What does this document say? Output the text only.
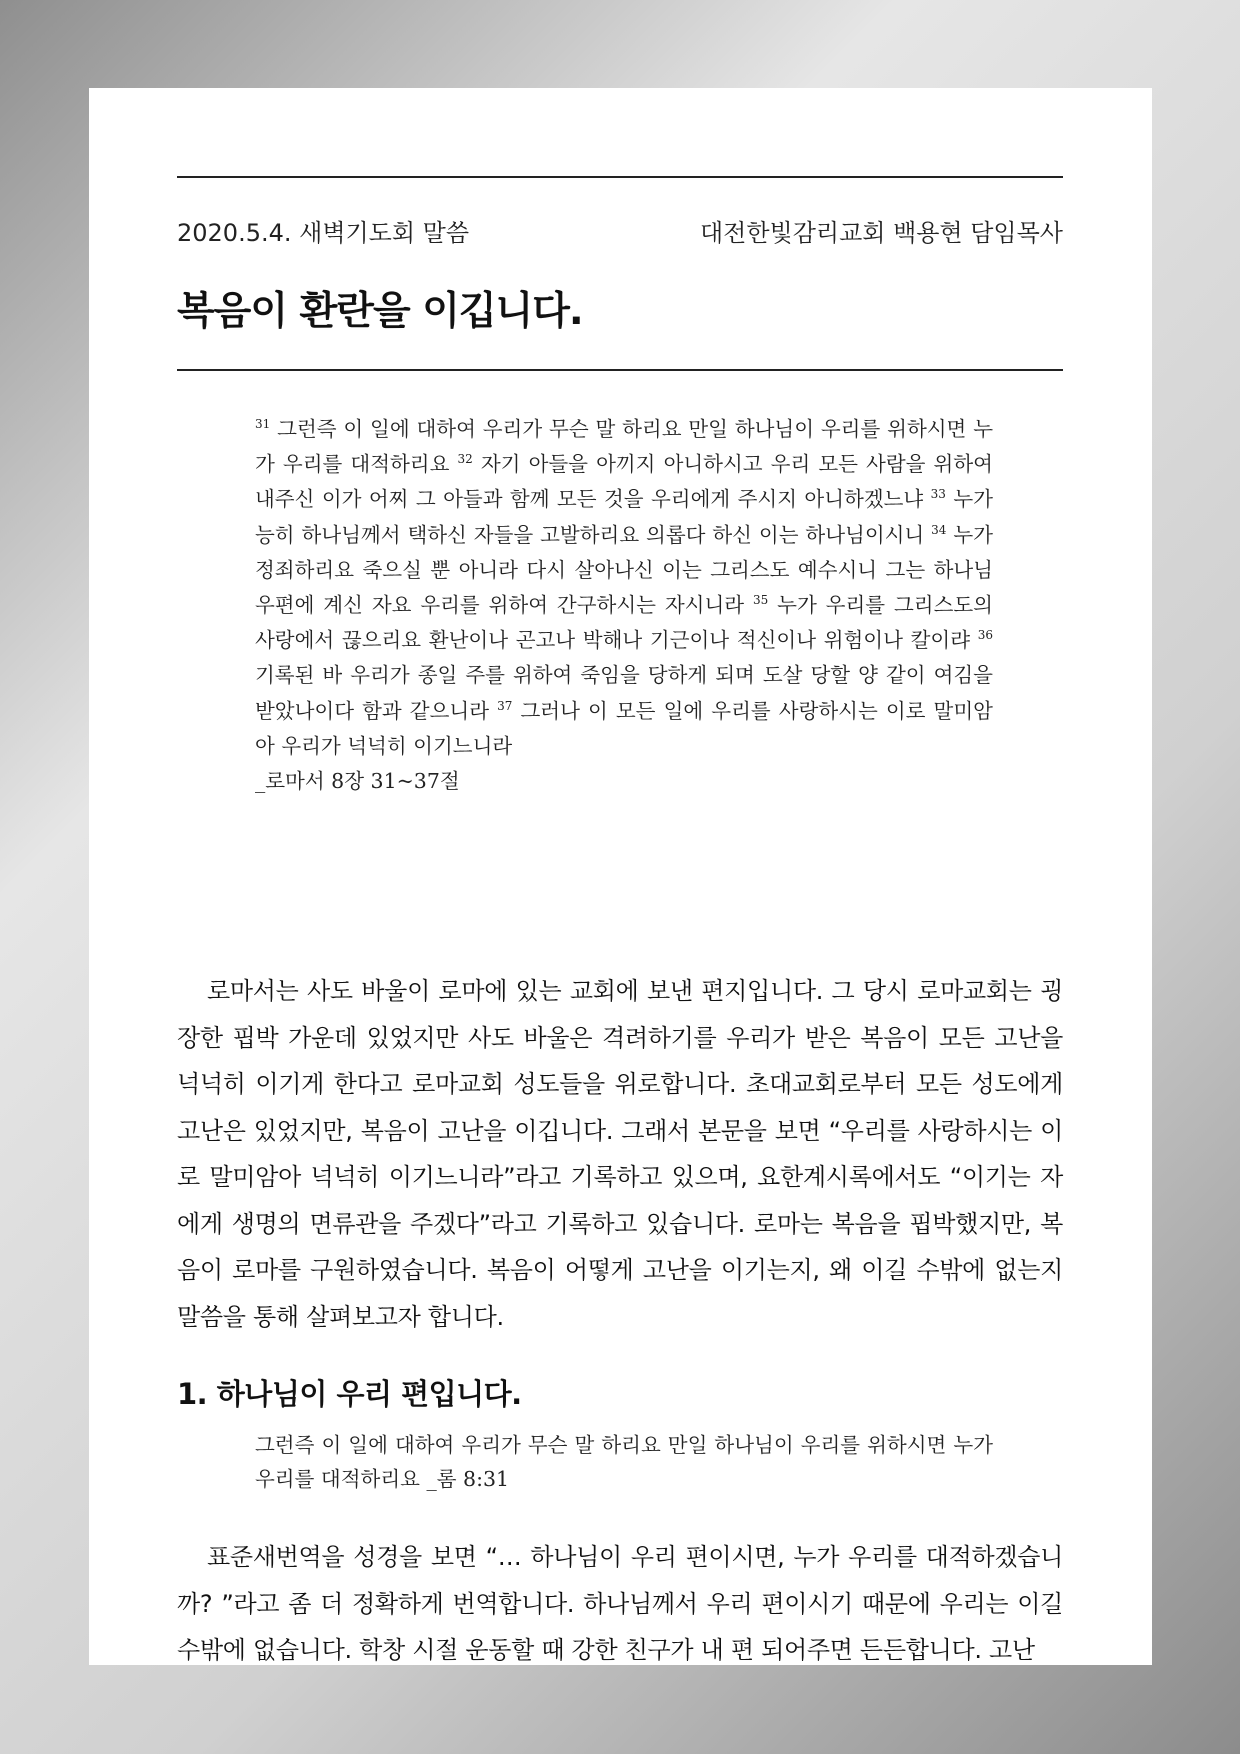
2020.5.4. 새벽기도회 말씀	대전한빛감리교회 백용현 담임목사
복음이 환란을 이깁니다.

$^{31}$ 그런즉 이 일에 대하여 우리가 무슨 말 하리요 만일 하나님이 우리를 위하시면 누가 우리를 대적하리요 $^{32}$ 자기 아들을 아끼지 아니하시고 우리 모든 사람을 위하여 내주신 이가 어찌 그 아들과 함께 모든 것을 우리에게 주시지 아니하겠느냐 $^{33}$ 누가 능히 하나님께서 택하신 자들을 고발하리요 의롭다 하신 이는 하나님이시니 $^{34}$ 누가 정죄하리요 죽으실 뿐 아니라 다시 살아나신 이는 그리스도 예수시니 그는 하나님 우편에 계신 자요 우리를 위하여 간구하시는 자시니라 $^{35}$ 누가 우리를 그리스도의 사랑에서 끊으리요 환난이나 곤고나 박해나 기근이나 적신이나 위험이나 칼이랴 $^{36}$ 기록된 바 우리가 종일 주를 위하여 죽임을 당하게 되며 도살 당할 양 같이 여김을 받았나이다 함과 같으니라 $^{37}$ 그러나 이 모든 일에 우리를 사랑하시는 이로 말미암아 우리가 넉넉히 이기느니라
_로마서 8장 31~37절

로마서는 사도 바울이 로마에 있는 교회에 보낸 편지입니다. 그 당시 로마교회는 굉장한 핍박 가운데 있었지만 사도 바울은 격려하기를 우리가 받은 복음이 모든 고난을 넉넉히 이기게 한다고 로마교회 성도들을 위로합니다. 초대교회로부터 모든 성도에게 고난은 있었지만, 복음이 고난을 이깁니다. 그래서 본문을 보면 “우리를 사랑하시는 이로 말미암아 넉넉히 이기느니라”라고 기록하고 있으며, 요한계시록에서도 “이기는 자에게 생명의 면류관을 주겠다”라고 기록하고 있습니다. 로마는 복음을 핍박했지만, 복음이 로마를 구원하였습니다. 복음이 어떻게 고난을 이기는지, 왜 이길 수밖에 없는지 말씀을 통해 살펴보고자 합니다.

1. 하나님이 우리 편입니다.

그런즉 이 일에 대하여 우리가 무슨 말 하리요 만일 하나님이 우리를 위하시면 누가 우리를 대적하리요 _롬 8:31

표준새번역을 성경을 보면 “… 하나님이 우리 편이시면, 누가 우리를 대적하겠습니까? ”라고 좀 더 정확하게 번역합니다. 하나님께서 우리 편이시기 때문에 우리는 이길 수밖에 없습니다. 학창 시절 운동할 때 강한 친구가 내 편 되어주면 든든합니다. 고난
